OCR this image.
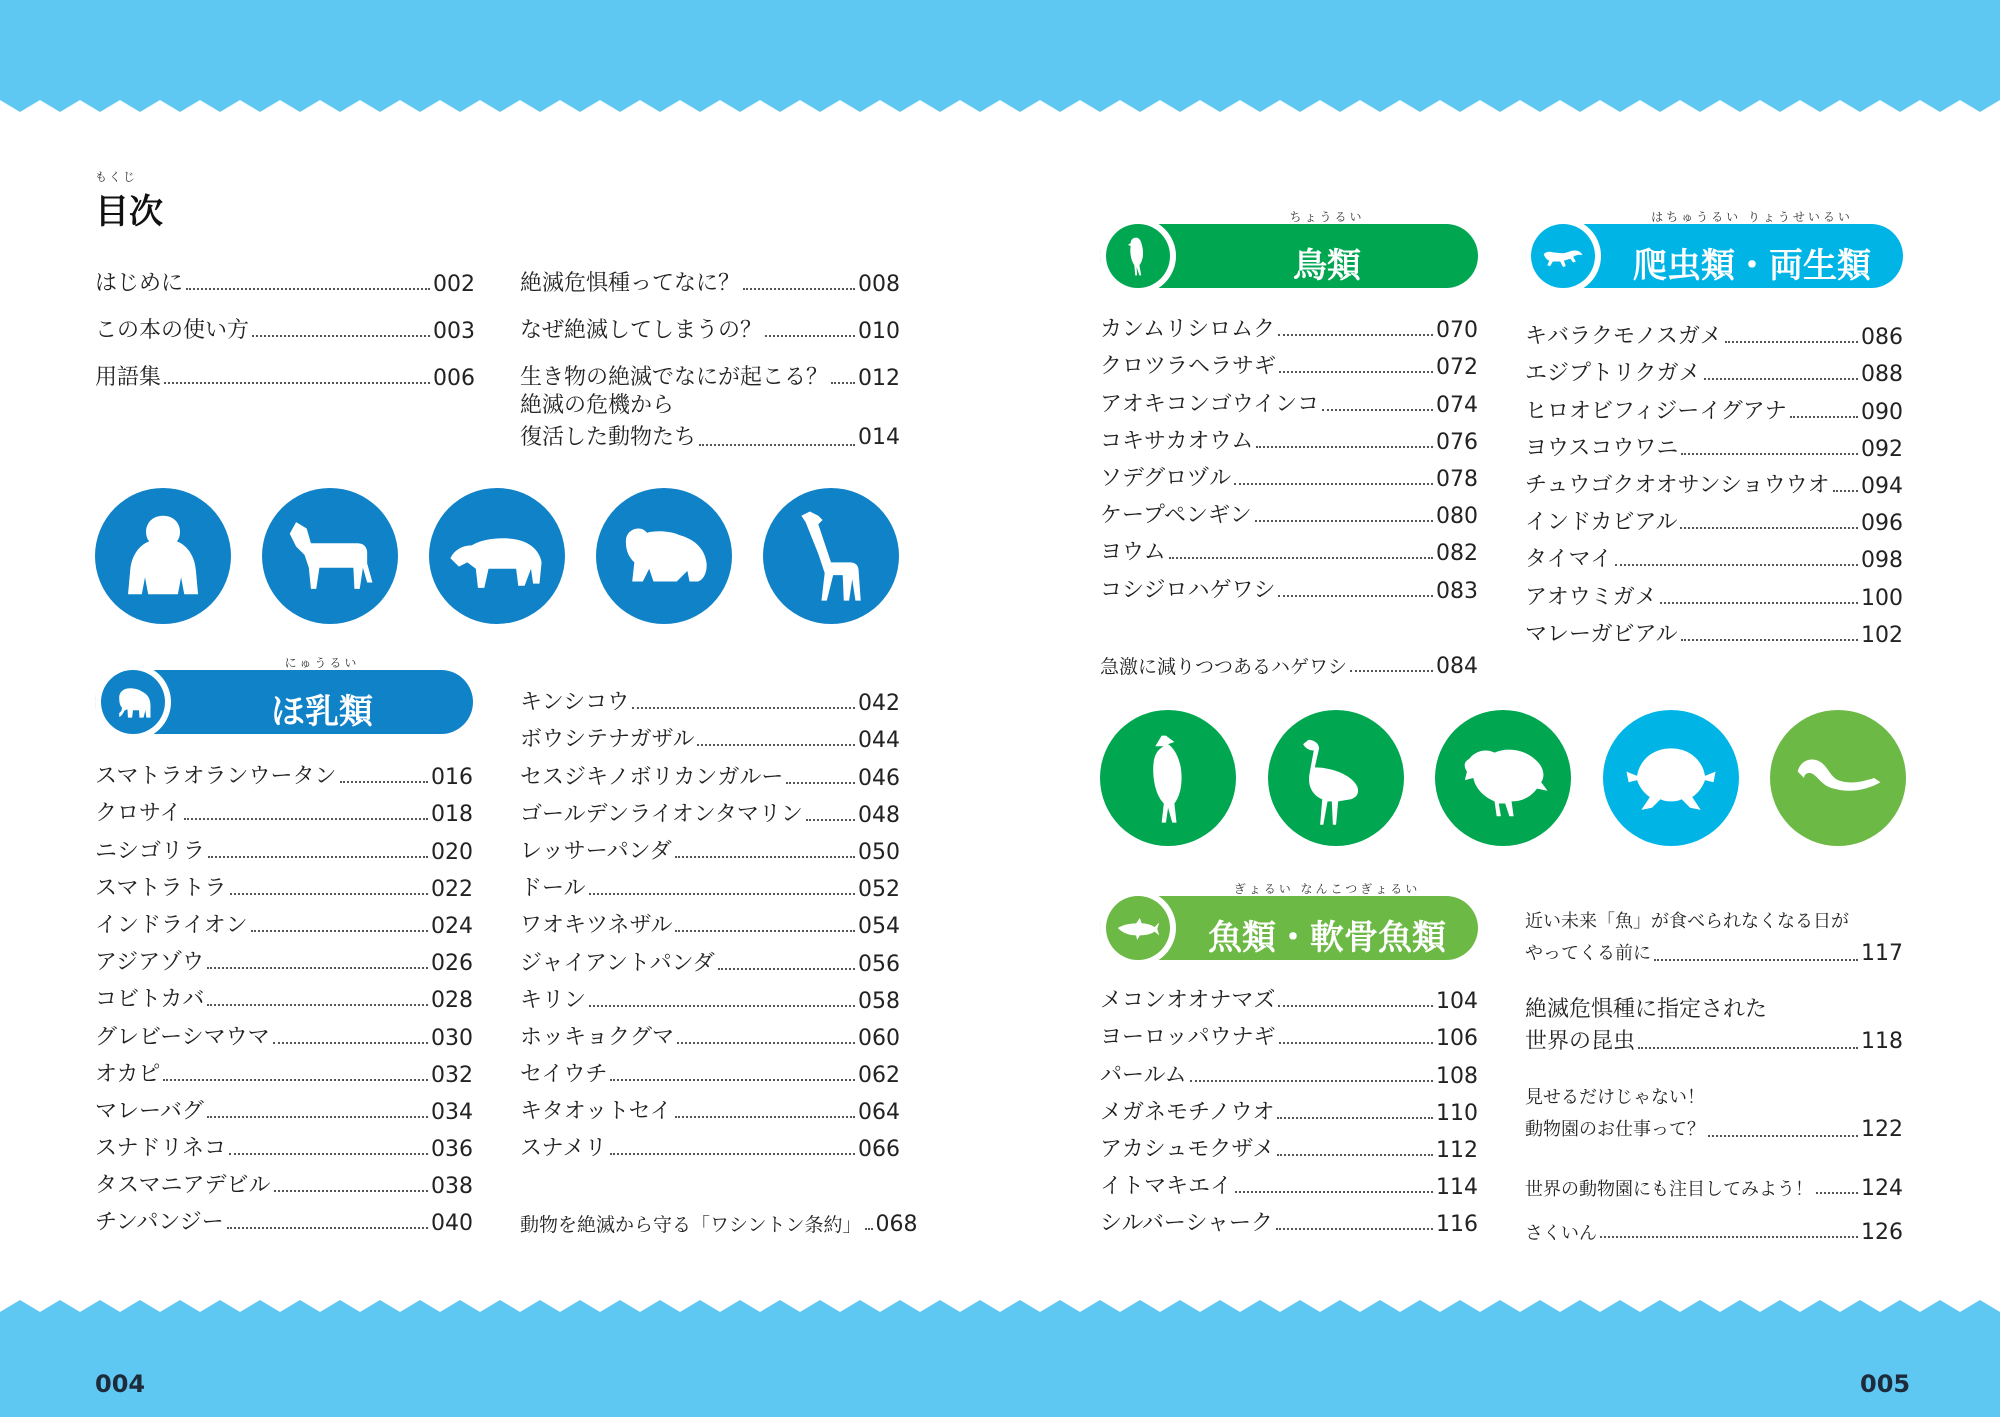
もくじ
目次
はじめに	002
この本の使い方	003
用語集	006
絶滅危惧種ってなに？	008
なぜ絶滅してしまうの？	010
生き物の絶滅でなにが起こる？ 012
絶滅の危機から
復活した動物たち	014
にゅうるい
ほ乳類
スマトラオランウータン	016
クロサイ	018
ニシゴリラ	020
スマトラトラ	022
インドライオン	024
アジアゾウ	026
コビトカバ	028
グレビーシマウマ	030
オカピ	032
マレーバグ	034
スナドリネコ	036
タスマニアデビル	038
チンパンジー	040
キンシコウ	042
ボウシテナガザル	044
セスジキノボリカンガルー	046
ゴールデンライオンタマリン	048
レッサーパンダ	050
ドール	052
ワオキツネザル	054
ジャイアントパンダ	056
キリン	058
ホッキョクグマ	060
セイウチ	062
キタオットセイ	064
スナメリ	066
動物を絶滅から守る「ワシントン条約」 068
ちょうるい
鳥類
カンムリシロムク	070
クロツラヘラサギ	072
アオキコンゴウインコ	074
コキサカオウム	076
ソデグロヅル	078
ケープペンギン	080
ヨウム	082
コシジロハゲワシ	083
急激に減りつつあるハゲワシ	084
はちゅうるい りょうせいるい
爬虫類・両生類
キバラクモノスガメ	086
エジプトリクガメ	088
ヒロオビフィジーイグアナ	090
ヨウスコウワニ	092
チュウゴクオオサンショウウオ 094
インドカビアル	096
タイマイ	098
アオウミガメ	100
マレーガビアル	102
ぎょるい なんこつぎょるい
魚類・軟骨魚類
メコンオオナマズ	104
ヨーロッパウナギ	106
パールム	108
メガネモチノウオ	110
アカシュモクザメ	112
イトマキエイ	114
シルバーシャーク	116
近い未来「魚」が食べられなくなる日が
やってくる前に	117
絶滅危惧種に指定された
世界の昆虫	118
見せるだけじゃない！
動物園のお仕事って？	122
世界の動物園にも注目してみよう！ 124
さくいん	126
004	005
